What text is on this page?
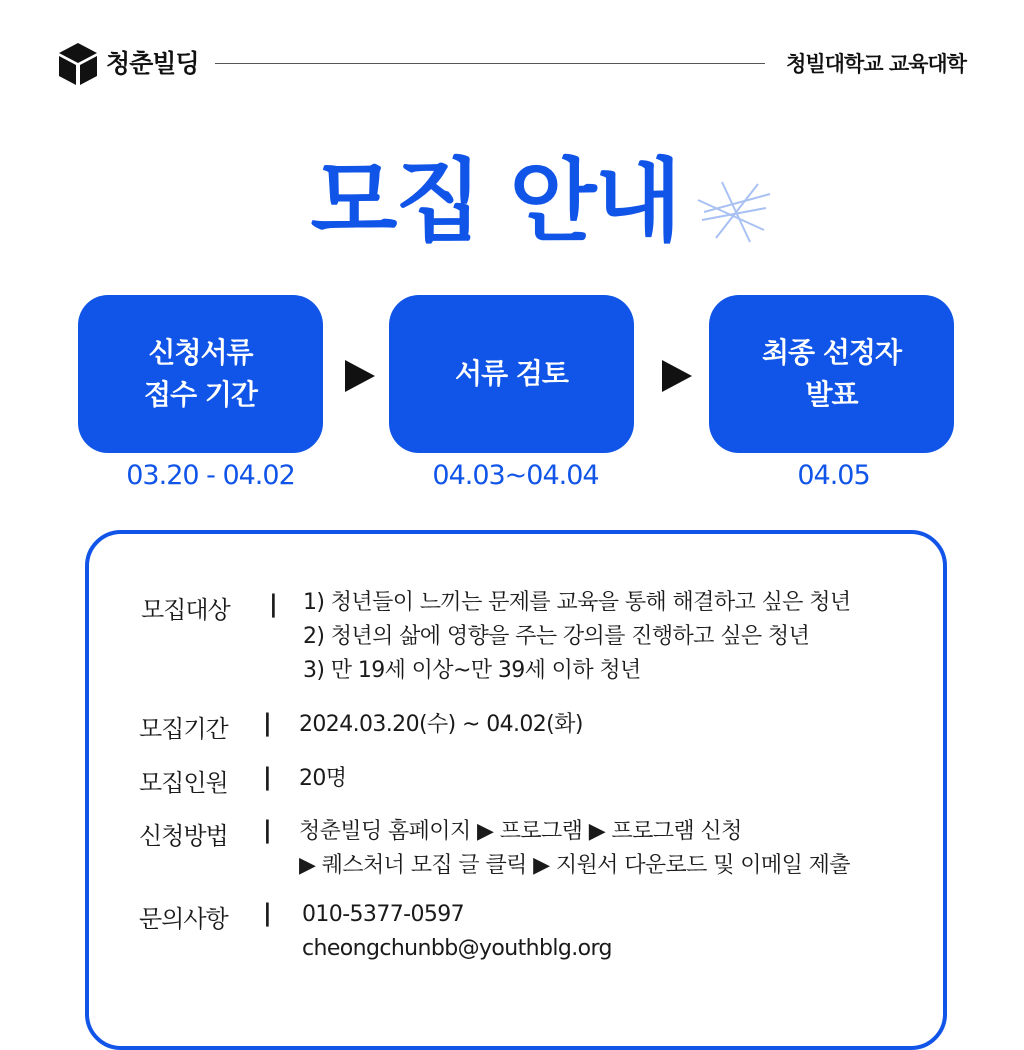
청춘빌딩	청빌대학교 교육대학
모집 안내
신청서류
접수 기간
03.20 - 04.02
서류 검토
04.03~04.04
최종 선정자
발표
04.05
모집대상 | 1) 청년들이 느끼는 문제를 교육을 통해 해결하고 싶은 청년
2) 청년의 삶에 영향을 주는 강의를 진행하고 싶은 청년
3) 만 19세 이상~만 39세 이하 청년
모집기간 | 2024.03.20(수) ~ 04.02(화)
모집인원 | 20명
신청방법 | 청춘빌딩 홈페이지 ▶ 프로그램 ▶ 프로그램 신청
▶ 퀘스처너 모집 글 클릭 ▶ 지원서 다운로드 및 이메일 제출
문의사항 | 010-5377-0597
cheongchunbb@youthblg.org
